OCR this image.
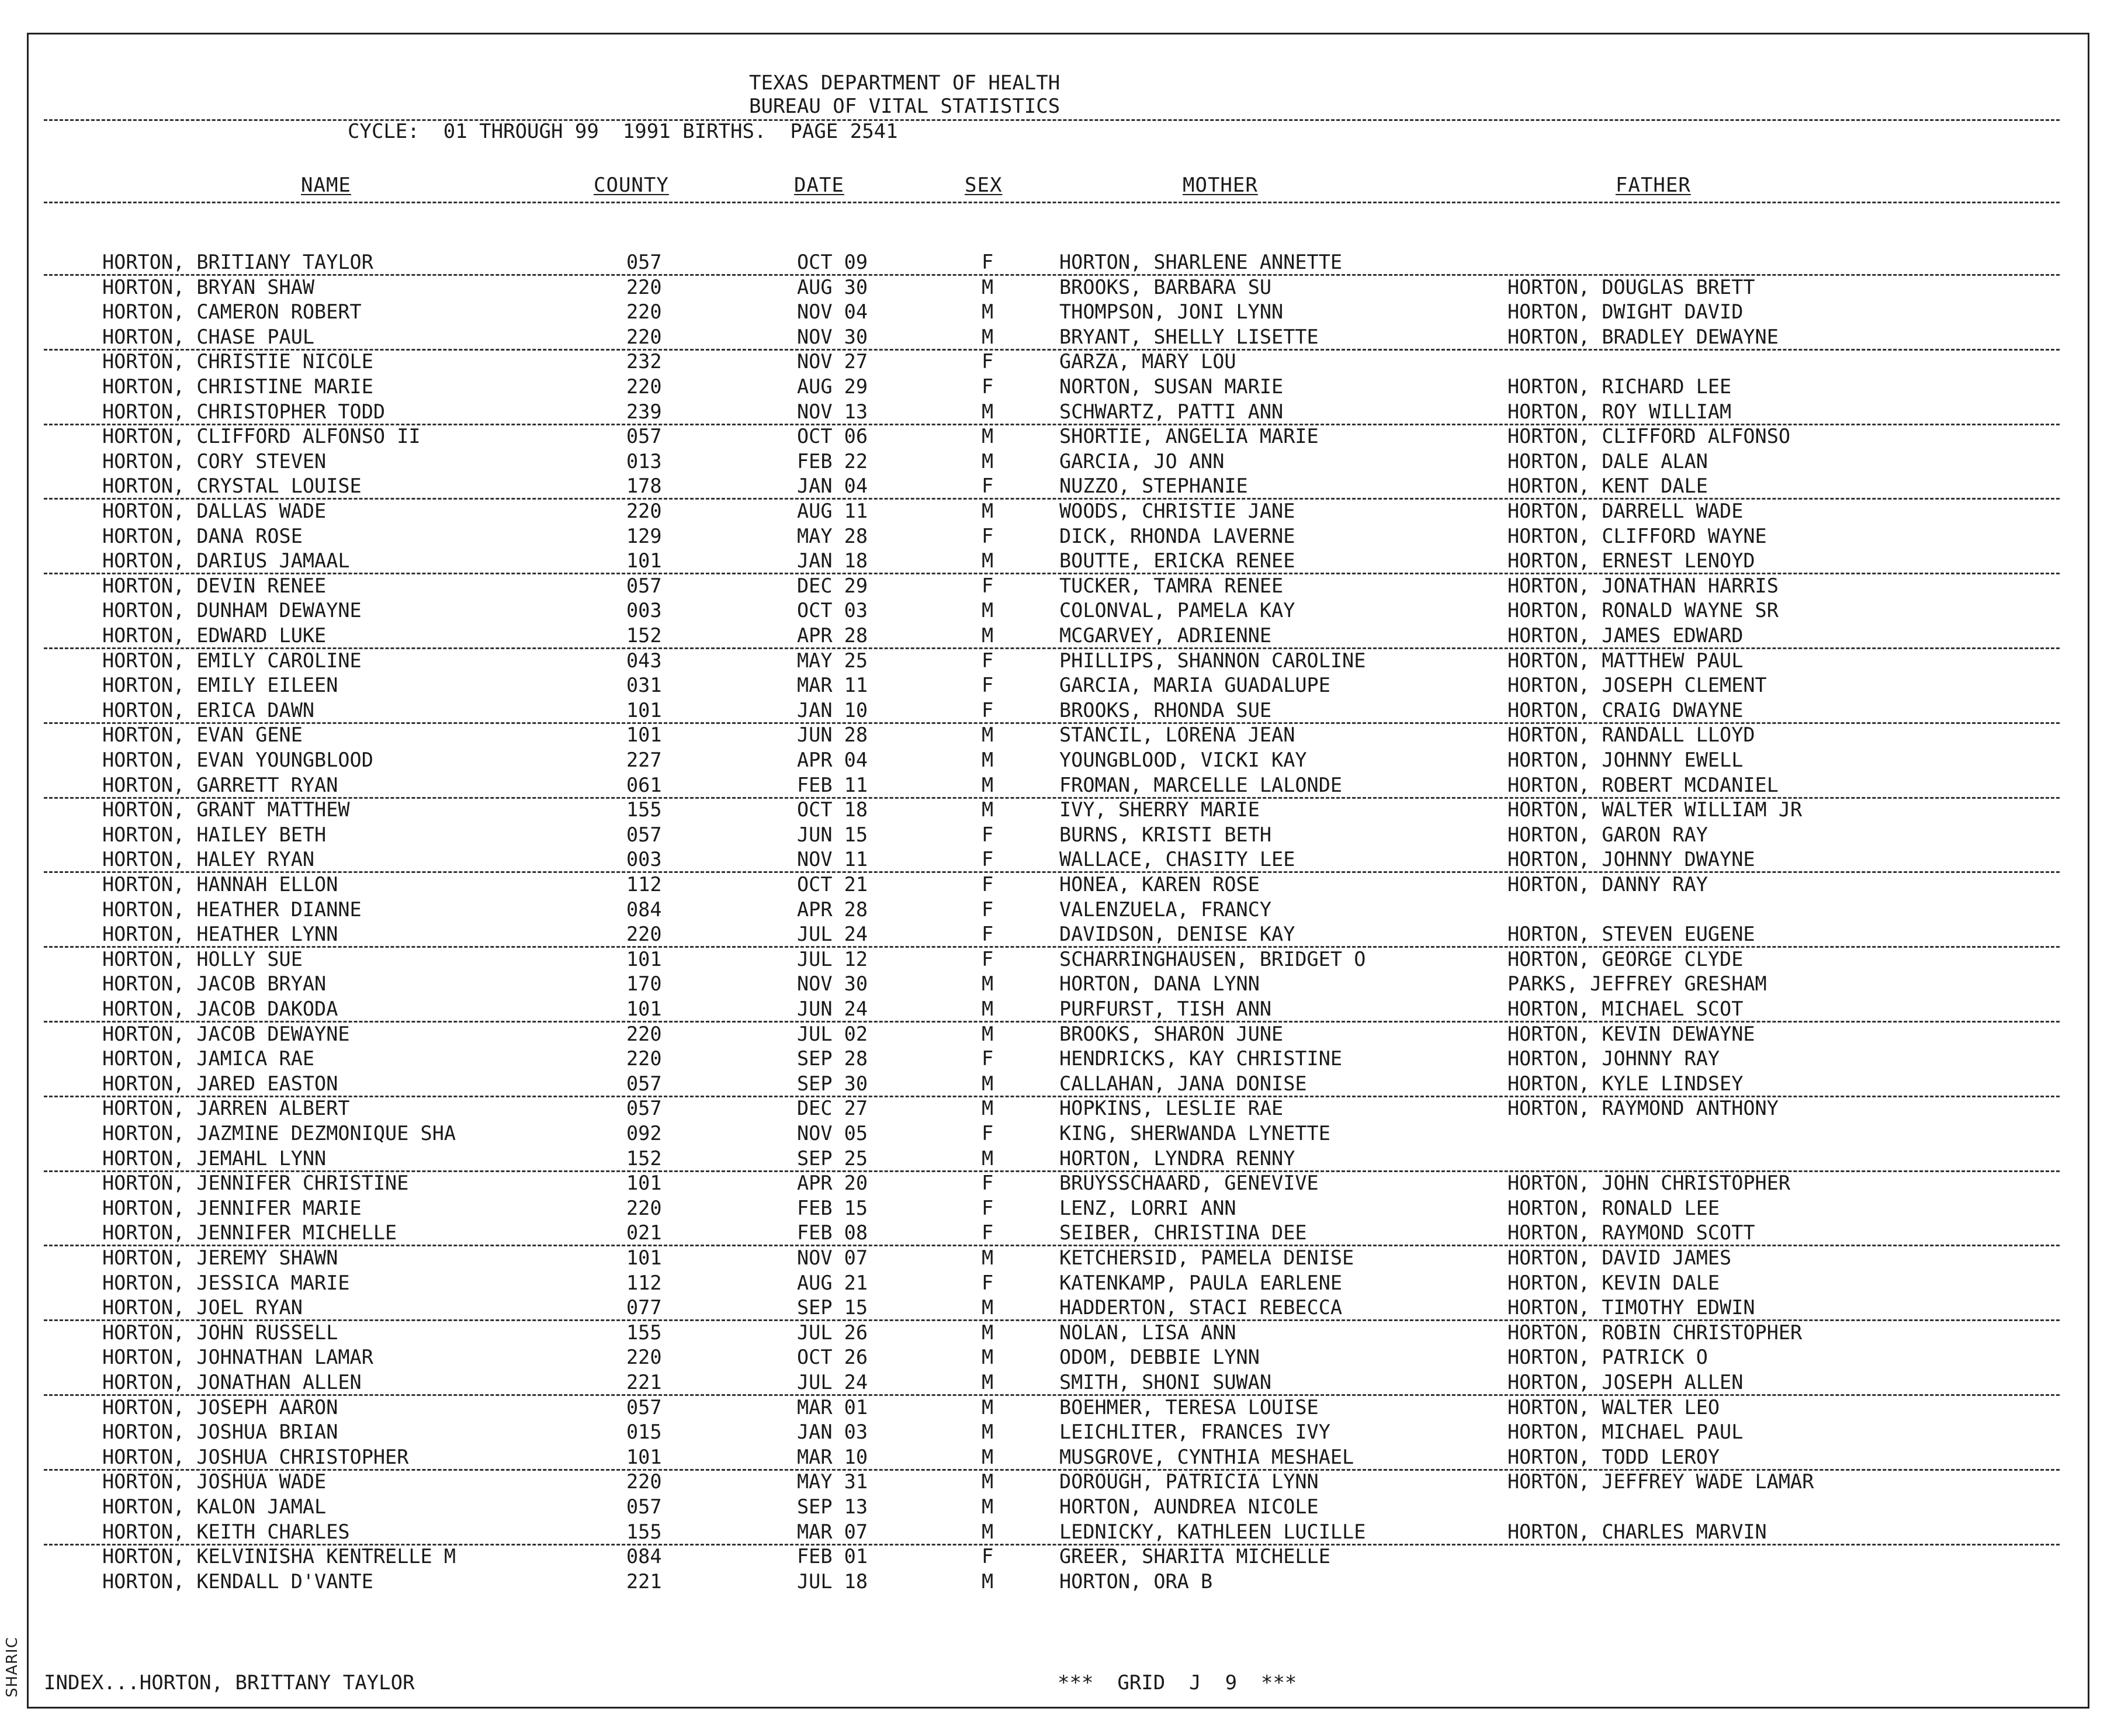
SHARIC
TEXAS DEPARTMENT OF HEALTH
BUREAU OF VITAL STATISTICS
CYCLE:  01 THROUGH 99  1991 BIRTHS.  PAGE 2541
NAME	COUNTY	DATE	SEX	MOTHER	FATHER
HORTON, BRITIANY TAYLOR	057	OCT 09	F	HORTON, SHARLENE ANNETTE
HORTON, BRYAN SHAW	220	AUG 30	M	BROOKS, BARBARA SU	HORTON, DOUGLAS BRETT
HORTON, CAMERON ROBERT	220	NOV 04	M	THOMPSON, JONI LYNN	HORTON, DWIGHT DAVID
HORTON, CHASE PAUL	220	NOV 30	M	BRYANT, SHELLY LISETTE	HORTON, BRADLEY DEWAYNE
HORTON, CHRISTIE NICOLE	232	NOV 27	F	GARZA, MARY LOU
HORTON, CHRISTINE MARIE	220	AUG 29	F	NORTON, SUSAN MARIE	HORTON, RICHARD LEE
HORTON, CHRISTOPHER TODD	239	NOV 13	M	SCHWARTZ, PATTI ANN	HORTON, ROY WILLIAM
HORTON, CLIFFORD ALFONSO II	057	OCT 06	M	SHORTIE, ANGELIA MARIE	HORTON, CLIFFORD ALFONSO
HORTON, CORY STEVEN	013	FEB 22	M	GARCIA, JO ANN	HORTON, DALE ALAN
HORTON, CRYSTAL LOUISE	178	JAN 04	F	NUZZO, STEPHANIE	HORTON, KENT DALE
HORTON, DALLAS WADE	220	AUG 11	M	WOODS, CHRISTIE JANE	HORTON, DARRELL WADE
HORTON, DANA ROSE	129	MAY 28	F	DICK, RHONDA LAVERNE	HORTON, CLIFFORD WAYNE
HORTON, DARIUS JAMAAL	101	JAN 18	M	BOUTTE, ERICKA RENEE	HORTON, ERNEST LENOYD
HORTON, DEVIN RENEE	057	DEC 29	F	TUCKER, TAMRA RENEE	HORTON, JONATHAN HARRIS
HORTON, DUNHAM DEWAYNE	003	OCT 03	M	COLONVAL, PAMELA KAY	HORTON, RONALD WAYNE SR
HORTON, EDWARD LUKE	152	APR 28	M	MCGARVEY, ADRIENNE	HORTON, JAMES EDWARD
HORTON, EMILY CAROLINE	043	MAY 25	F	PHILLIPS, SHANNON CAROLINE	HORTON, MATTHEW PAUL
HORTON, EMILY EILEEN	031	MAR 11	F	GARCIA, MARIA GUADALUPE	HORTON, JOSEPH CLEMENT
HORTON, ERICA DAWN	101	JAN 10	F	BROOKS, RHONDA SUE	HORTON, CRAIG DWAYNE
HORTON, EVAN GENE	101	JUN 28	M	STANCIL, LORENA JEAN	HORTON, RANDALL LLOYD
HORTON, EVAN YOUNGBLOOD	227	APR 04	M	YOUNGBLOOD, VICKI KAY	HORTON, JOHNNY EWELL
HORTON, GARRETT RYAN	061	FEB 11	M	FROMAN, MARCELLE LALONDE	HORTON, ROBERT MCDANIEL
HORTON, GRANT MATTHEW	155	OCT 18	M	IVY, SHERRY MARIE	HORTON, WALTER WILLIAM JR
HORTON, HAILEY BETH	057	JUN 15	F	BURNS, KRISTI BETH	HORTON, GARON RAY
HORTON, HALEY RYAN	003	NOV 11	F	WALLACE, CHASITY LEE	HORTON, JOHNNY DWAYNE
HORTON, HANNAH ELLON	112	OCT 21	F	HONEA, KAREN ROSE	HORTON, DANNY RAY
HORTON, HEATHER DIANNE	084	APR 28	F	VALENZUELA, FRANCY
HORTON, HEATHER LYNN	220	JUL 24	F	DAVIDSON, DENISE KAY	HORTON, STEVEN EUGENE
HORTON, HOLLY SUE	101	JUL 12	F	SCHARRINGHAUSEN, BRIDGET O	HORTON, GEORGE CLYDE
HORTON, JACOB BRYAN	170	NOV 30	M	HORTON, DANA LYNN	PARKS, JEFFREY GRESHAM
HORTON, JACOB DAKODA	101	JUN 24	M	PURFURST, TISH ANN	HORTON, MICHAEL SCOT
HORTON, JACOB DEWAYNE	220	JUL 02	M	BROOKS, SHARON JUNE	HORTON, KEVIN DEWAYNE
HORTON, JAMICA RAE	220	SEP 28	F	HENDRICKS, KAY CHRISTINE	HORTON, JOHNNY RAY
HORTON, JARED EASTON	057	SEP 30	M	CALLAHAN, JANA DONISE	HORTON, KYLE LINDSEY
HORTON, JARREN ALBERT	057	DEC 27	M	HOPKINS, LESLIE RAE	HORTON, RAYMOND ANTHONY
HORTON, JAZMINE DEZMONIQUE SHA	092	NOV 05	F	KING, SHERWANDA LYNETTE
HORTON, JEMAHL LYNN	152	SEP 25	M	HORTON, LYNDRA RENNY
HORTON, JENNIFER CHRISTINE	101	APR 20	F	BRUYSSCHAARD, GENEVIVE	HORTON, JOHN CHRISTOPHER
HORTON, JENNIFER MARIE	220	FEB 15	F	LENZ, LORRI ANN	HORTON, RONALD LEE
HORTON, JENNIFER MICHELLE	021	FEB 08	F	SEIBER, CHRISTINA DEE	HORTON, RAYMOND SCOTT
HORTON, JEREMY SHAWN	101	NOV 07	M	KETCHERSID, PAMELA DENISE	HORTON, DAVID JAMES
HORTON, JESSICA MARIE	112	AUG 21	F	KATENKAMP, PAULA EARLENE	HORTON, KEVIN DALE
HORTON, JOEL RYAN	077	SEP 15	M	HADDERTON, STACI REBECCA	HORTON, TIMOTHY EDWIN
HORTON, JOHN RUSSELL	155	JUL 26	M	NOLAN, LISA ANN	HORTON, ROBIN CHRISTOPHER
HORTON, JOHNATHAN LAMAR	220	OCT 26	M	ODOM, DEBBIE LYNN	HORTON, PATRICK O
HORTON, JONATHAN ALLEN	221	JUL 24	M	SMITH, SHONI SUWAN	HORTON, JOSEPH ALLEN
HORTON, JOSEPH AARON	057	MAR 01	M	BOEHMER, TERESA LOUISE	HORTON, WALTER LEO
HORTON, JOSHUA BRIAN	015	JAN 03	M	LEICHLITER, FRANCES IVY	HORTON, MICHAEL PAUL
HORTON, JOSHUA CHRISTOPHER	101	MAR 10	M	MUSGROVE, CYNTHIA MESHAEL	HORTON, TODD LEROY
HORTON, JOSHUA WADE	220	MAY 31	M	DOROUGH, PATRICIA LYNN	HORTON, JEFFREY WADE LAMAR
HORTON, KALON JAMAL	057	SEP 13	M	HORTON, AUNDREA NICOLE
HORTON, KEITH CHARLES	155	MAR 07	M	LEDNICKY, KATHLEEN LUCILLE	HORTON, CHARLES MARVIN
HORTON, KELVINISHA KENTRELLE M	084	FEB 01	F	GREER, SHARITA MICHELLE
HORTON, KENDALL D'VANTE	221	JUL 18	M	HORTON, ORA B
INDEX...HORTON, BRITTANY TAYLOR	***  GRID  J  9  ***
